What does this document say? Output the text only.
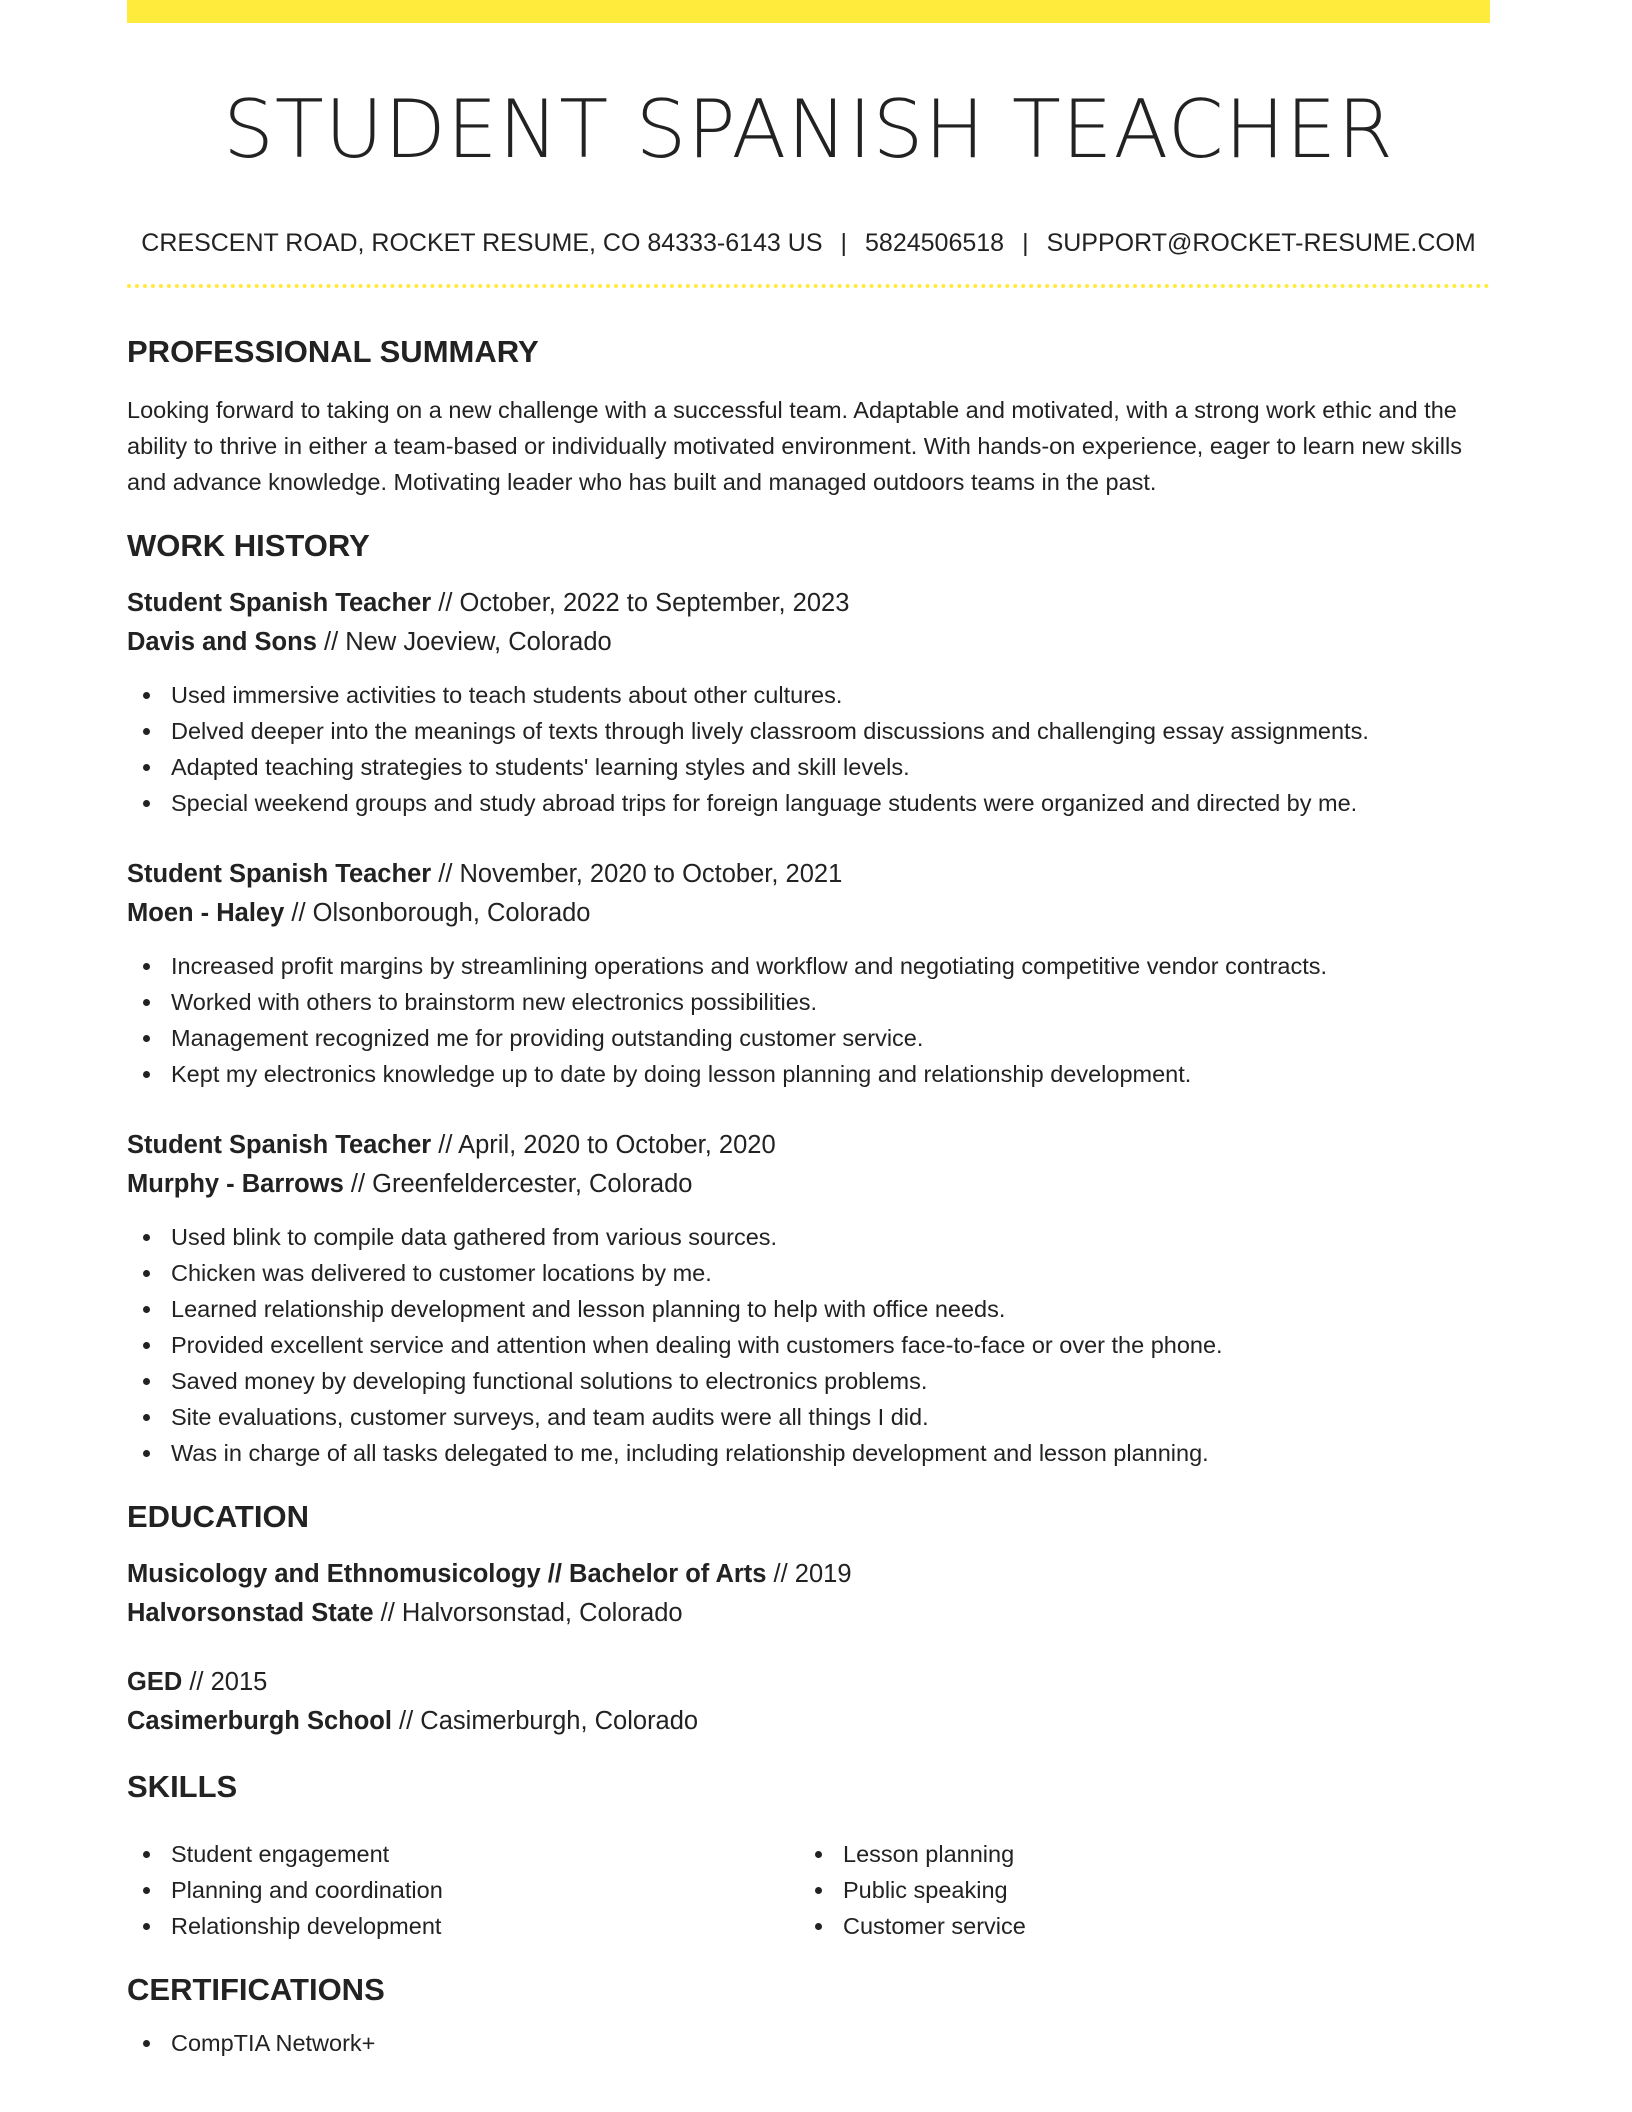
STUDENT SPANISH TEACHER
CRESCENT ROAD, ROCKET RESUME, CO 84333-6143 US | 5824506518 | SUPPORT@ROCKET-RESUME.COM
PROFESSIONAL SUMMARY

Looking forward to taking on a new challenge with a successful team. Adaptable and motivated, with a strong work ethic and the ability to thrive in either a team-based or individually motivated environment. With hands-on experience, eager to learn new skills and advance knowledge. Motivating leader who has built and managed outdoors teams in the past.

WORK HISTORY
Student Spanish Teacher // October, 2022 to September, 2023
Davis and Sons // New Joeview, Colorado
Used immersive activities to teach students about other cultures.
Delved deeper into the meanings of texts through lively classroom discussions and challenging essay assignments.
Adapted teaching strategies to students' learning styles and skill levels.
Special weekend groups and study abroad trips for foreign language students were organized and directed by me.
Student Spanish Teacher // November, 2020 to October, 2021
Moen - Haley // Olsonborough, Colorado
Increased profit margins by streamlining operations and workflow and negotiating competitive vendor contracts.
Worked with others to brainstorm new electronics possibilities.
Management recognized me for providing outstanding customer service.
Kept my electronics knowledge up to date by doing lesson planning and relationship development.
Student Spanish Teacher // April, 2020 to October, 2020
Murphy - Barrows // Greenfeldercester, Colorado
Used blink to compile data gathered from various sources.
Chicken was delivered to customer locations by me.
Learned relationship development and lesson planning to help with office needs.
Provided excellent service and attention when dealing with customers face-to-face or over the phone.
Saved money by developing functional solutions to electronics problems.
Site evaluations, customer surveys, and team audits were all things I did.
Was in charge of all tasks delegated to me, including relationship development and lesson planning.
EDUCATION
Musicology and Ethnomusicology // Bachelor of Arts // 2019
Halvorsonstad State // Halvorsonstad, Colorado
GED // 2015
Casimerburgh School // Casimerburgh, Colorado
SKILLS
Student engagement
Planning and coordination
Relationship development
Lesson planning
Public speaking
Customer service
CERTIFICATIONS
CompTIA Network+
